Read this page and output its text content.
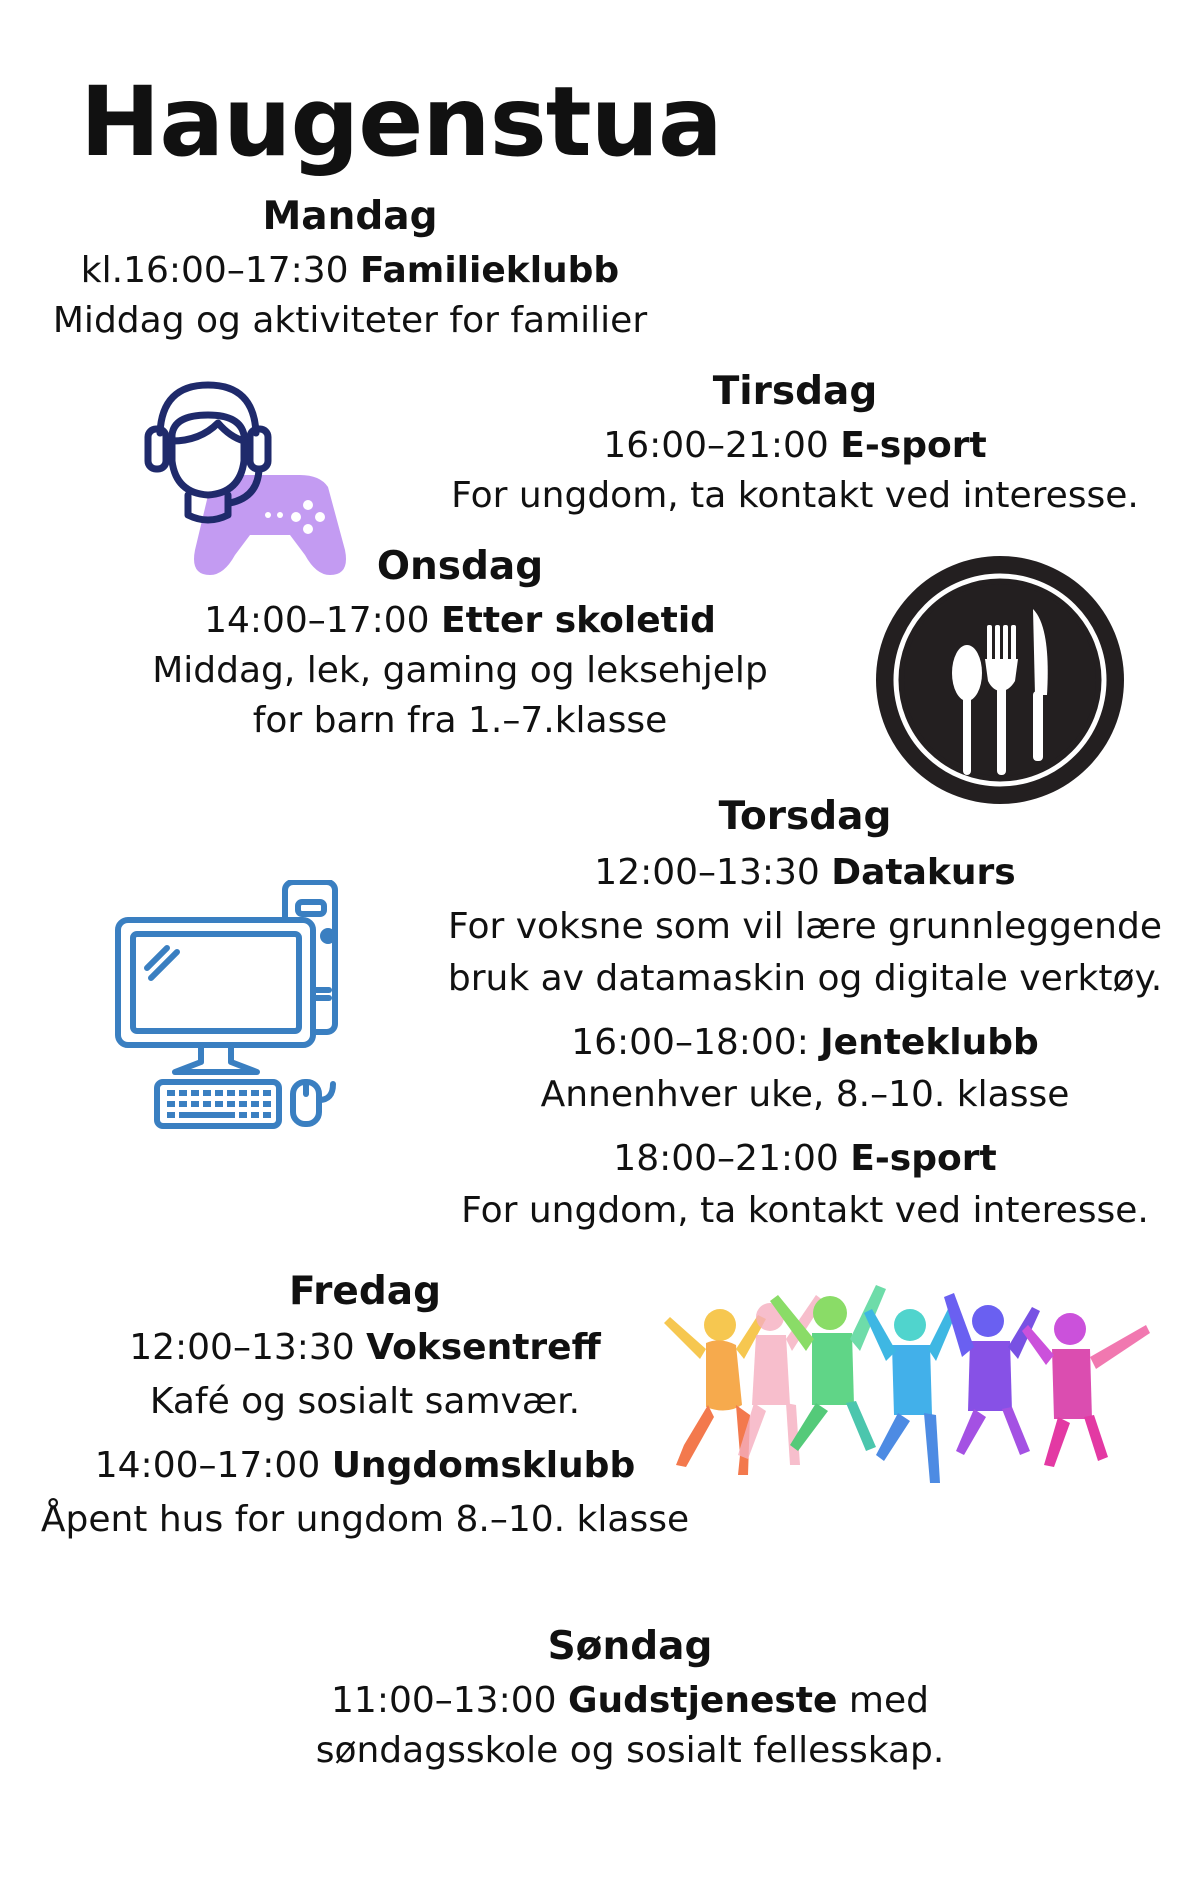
Haugenstua
Mandag
kl.16:00–17:30 Familieklubb
Middag og aktiviteter for familier
Tirsdag
16:00–21:00 E-sport
For ungdom, ta kontakt ved interesse.
Onsdag
14:00–17:00 Etter skoletid
Middag, lek, gaming og leksehjelp
for barn fra 1.–7.klasse
Torsdag
12:00–13:30 Datakurs
For voksne som vil lære grunnleggende
bruk av datamaskin og digitale verktøy.
16:00–18:00: Jenteklubb
Annenhver uke, 8.–10. klasse
18:00–21:00 E-sport
For ungdom, ta kontakt ved interesse.
Fredag
12:00–13:30 Voksentreff
Kafé og sosialt samvær.
14:00–17:00 Ungdomsklubb
Åpent hus for ungdom 8.–10. klasse
Søndag
11:00–13:00 Gudstjeneste med
søndagsskole og sosialt fellesskap.
